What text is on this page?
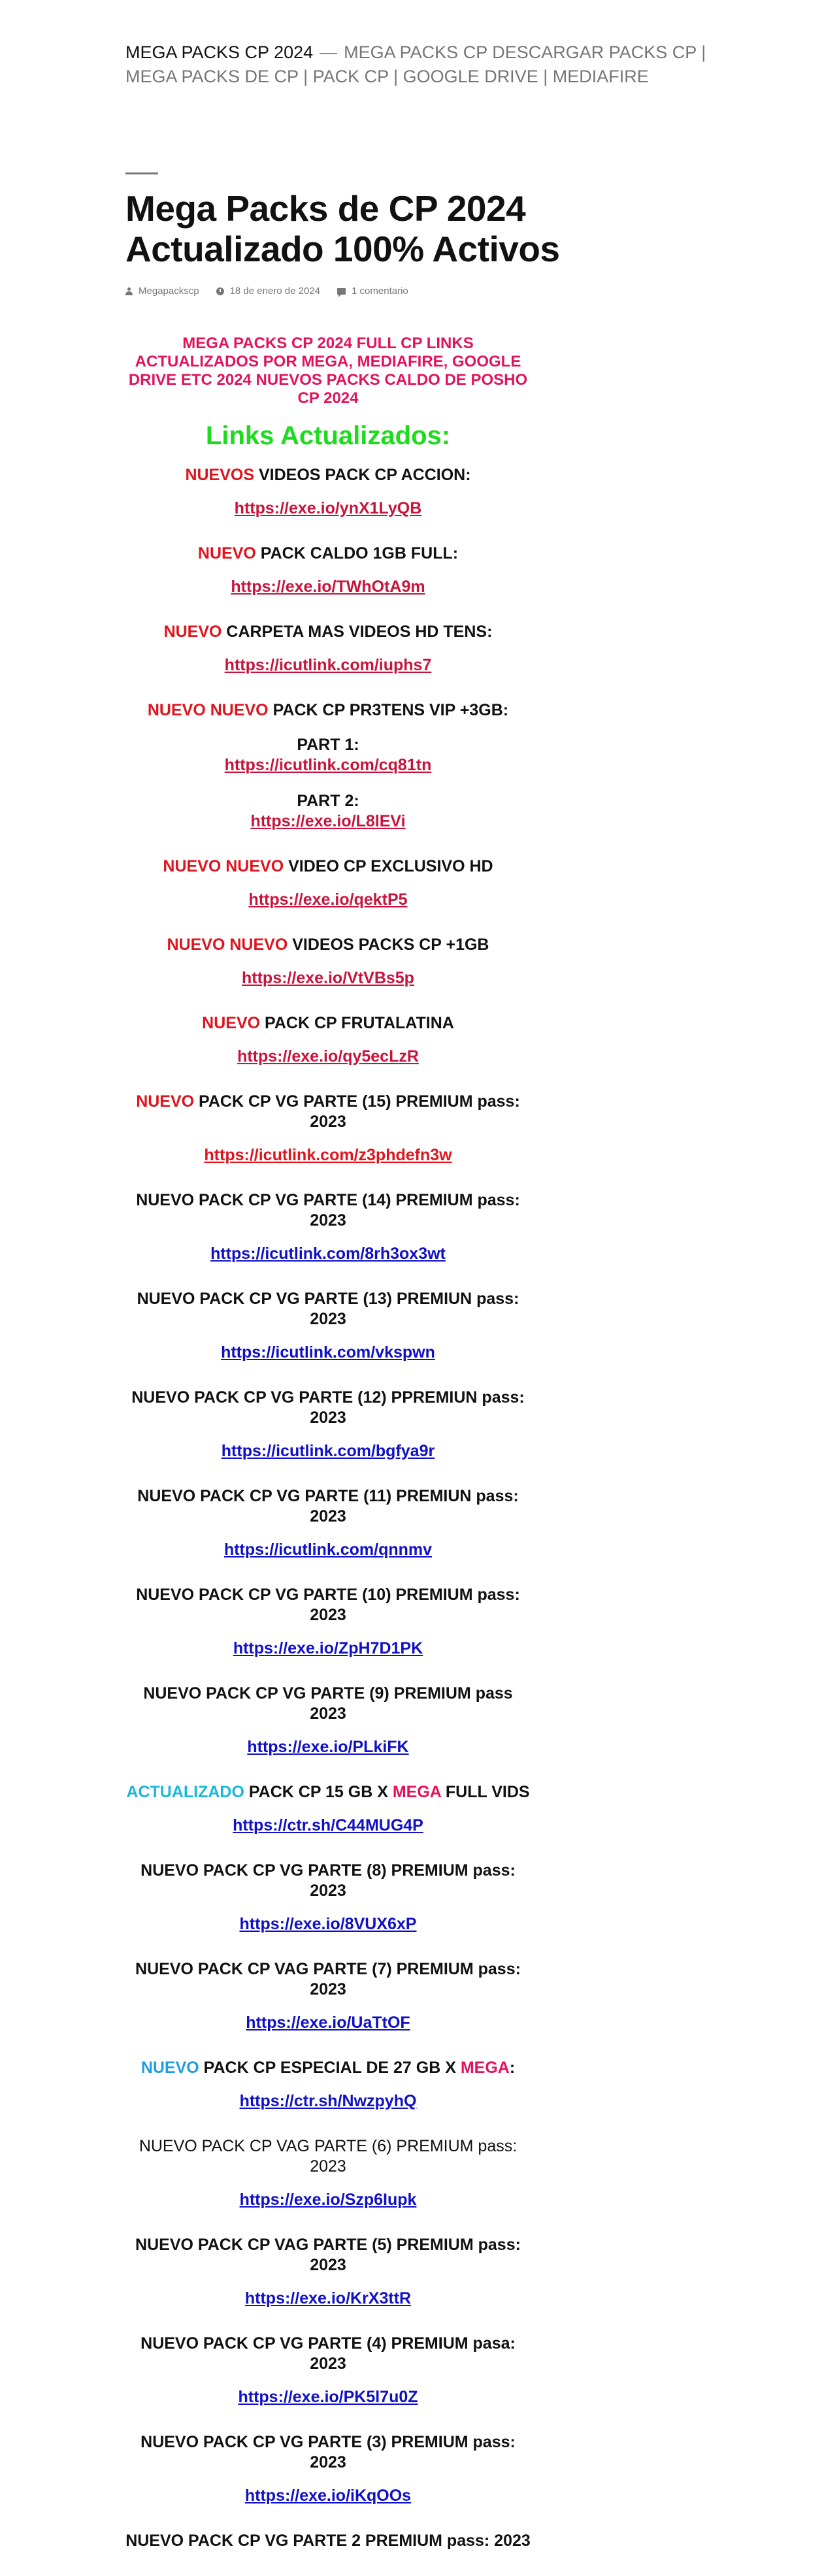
MEGA PACKS CP 2024 — MEGA PACKS CP DESCARGAR PACKS CP | MEGA PACKS DE CP | PACK CP | GOOGLE DRIVE | MEDIAFIRE
Mega Packs de CP 2024 Actualizado 100% Activos
Megapackscp	18 de enero de 2024	1 comentario

MEGA PACKS CP 2024 FULL CP LINKS ACTUALIZADOS POR MEGA, MEDIAFIRE, GOOGLE DRIVE ETC 2024 NUEVOS PACKS CALDO DE POSHO CP 2024

Links Actualizados:

NUEVOS VIDEOS PACK CP ACCION:

https://exe.io/ynX1LyQB

NUEVO PACK CALDO 1GB FULL:

https://exe.io/TWhOtA9m

NUEVO CARPETA MAS VIDEOS HD TENS:

https://icutlink.com/iuphs7

NUEVO NUEVO PACK CP PR3TENS VIP +3GB:

PART 1:

https://icutlink.com/cq81tn

PART 2:

https://exe.io/L8lEVi

NUEVO NUEVO VIDEO CP EXCLUSIVO HD

https://exe.io/qektP5

NUEVO NUEVO VIDEOS PACKS CP +1GB

https://exe.io/VtVBs5p

NUEVO PACK CP FRUTALATINA

https://exe.io/qy5ecLzR

NUEVO PACK CP VG PARTE (15) PREMIUM pass: 2023

https://icutlink.com/z3phdefn3w

NUEVO PACK CP VG PARTE (14) PREMIUM pass: 2023

https://icutlink.com/8rh3ox3wt

NUEVO PACK CP VG PARTE (13) PREMIUN pass: 2023

https://icutlink.com/vkspwn

NUEVO PACK CP VG PARTE (12) PPREMIUN pass: 2023

https://icutlink.com/bgfya9r

NUEVO PACK CP VG PARTE (11) PREMIUN pass: 2023

https://icutlink.com/qnnmv

NUEVO PACK CP VG PARTE (10) PREMIUM pass: 2023

https://exe.io/ZpH7D1PK

NUEVO PACK CP VG PARTE (9) PREMIUM pass 2023

https://exe.io/PLkiFK

ACTUALIZADO PACK CP 15 GB X MEGA FULL VIDS

https://ctr.sh/C44MUG4P

NUEVO PACK CP VG PARTE (8) PREMIUM pass: 2023

https://exe.io/8VUX6xP

NUEVO PACK CP VAG PARTE (7) PREMIUM pass: 2023

https://exe.io/UaTtOF

NUEVO PACK CP ESPECIAL DE 27 GB X MEGA:

https://ctr.sh/NwzpyhQ

NUEVO PACK CP VAG PARTE (6) PREMIUM pass: 2023

https://exe.io/Szp6Iupk

NUEVO PACK CP VAG PARTE (5) PREMIUM pass: 2023

https://exe.io/KrX3ttR

NUEVO PACK CP VG PARTE (4) PREMIUM pasa: 2023

https://exe.io/PK5l7u0Z

NUEVO PACK CP VG PARTE (3) PREMIUM pass: 2023

https://exe.io/iKqOOs

NUEVO PACK CP VG PARTE 2 PREMIUM pass: 2023
